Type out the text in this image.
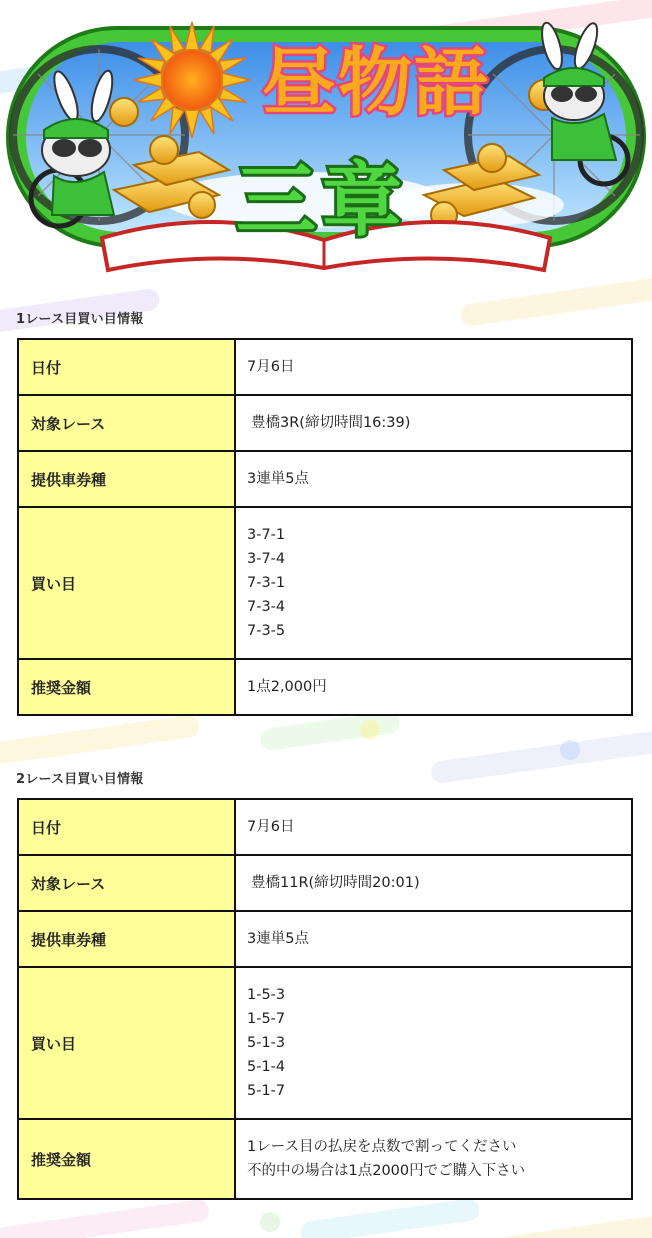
昼物語
三章
1レース目買い目情報
日付	7月6日

対象レース	豊橋3R(締切時間16:39)

提供車券種	3連単5点

買い目	3-7-1
3-7-4
7-3-1
7-3-4
7-3-5

推奨金額	1点2,000円
2レース目買い目情報
日付	7月6日

対象レース	豊橋11R(締切時間20:01)

提供車券種	3連単5点

買い目	1-5-3
1-5-7
5-1-3
5-1-4
5-1-7

推奨金額	1レース目の払戻を点数で割ってください
不的中の場合は1点2000円でご購入下さい
